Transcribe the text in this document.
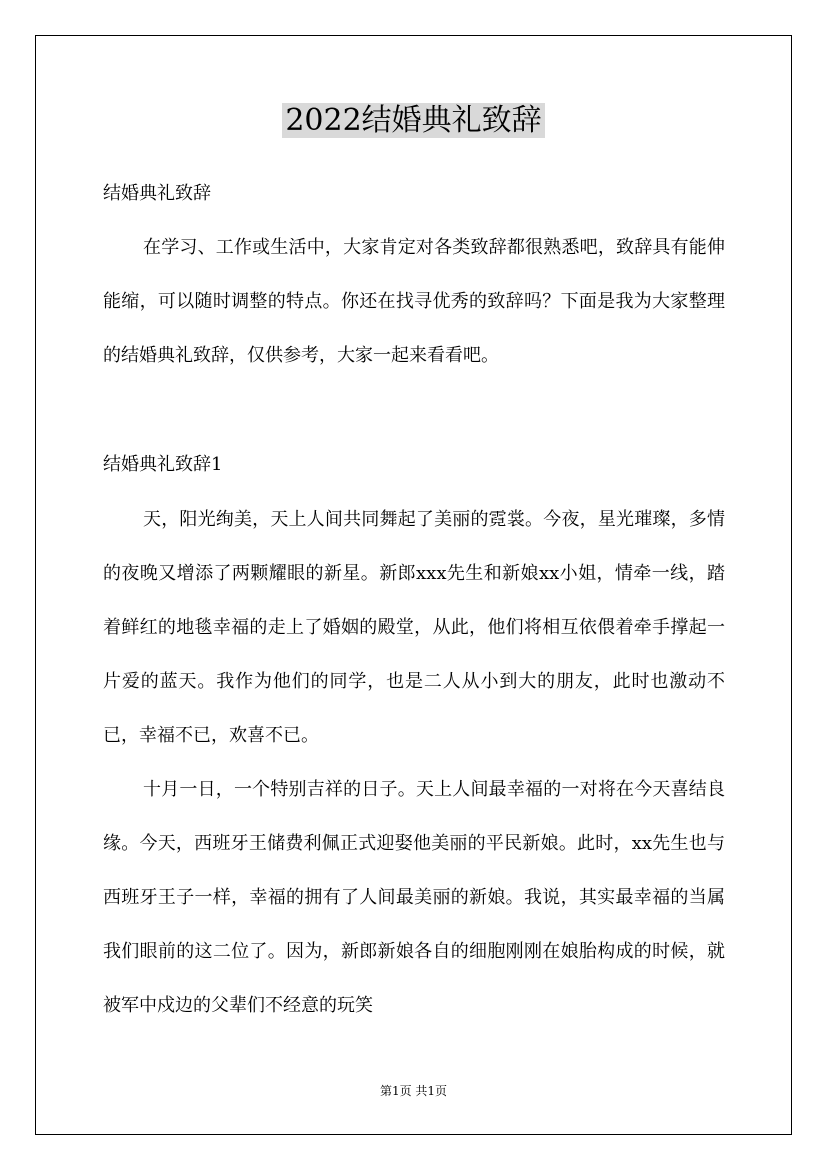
2022结婚典礼致辞
结婚典礼致辞

在学习、工作或生活中，大家肯定对各类致辞都很熟悉吧，致辞具有能伸能缩，可以随时调整的特点。你还在找寻优秀的致辞吗？下面是我为大家整理的结婚典礼致辞，仅供参考，大家一起来看看吧。

结婚典礼致辞1

天，阳光绚美，天上人间共同舞起了美丽的霓裳。今夜，星光璀璨，多情的夜晚又增添了两颗耀眼的新星。新郎xxx先生和新娘xx小姐，情牵一线，踏着鲜红的地毯幸福的走上了婚姻的殿堂，从此，他们将相互依偎着牵手撑起一片爱的蓝天。我作为他们的同学，也是二人从小到大的朋友，此时也激动不已，幸福不已，欢喜不已。

十月一日，一个特别吉祥的日子。天上人间最幸福的一对将在今天喜结良缘。今天，西班牙王储费利佩正式迎娶他美丽的平民新娘。此时，xx先生也与西班牙王子一样，幸福的拥有了人间最美丽的新娘。我说，其实最幸福的当属我们眼前的这二位了。因为，新郎新娘各自的细胞刚刚在娘胎构成的时候，就被军中戍边的父辈们不经意的玩笑

第1页 共1页
